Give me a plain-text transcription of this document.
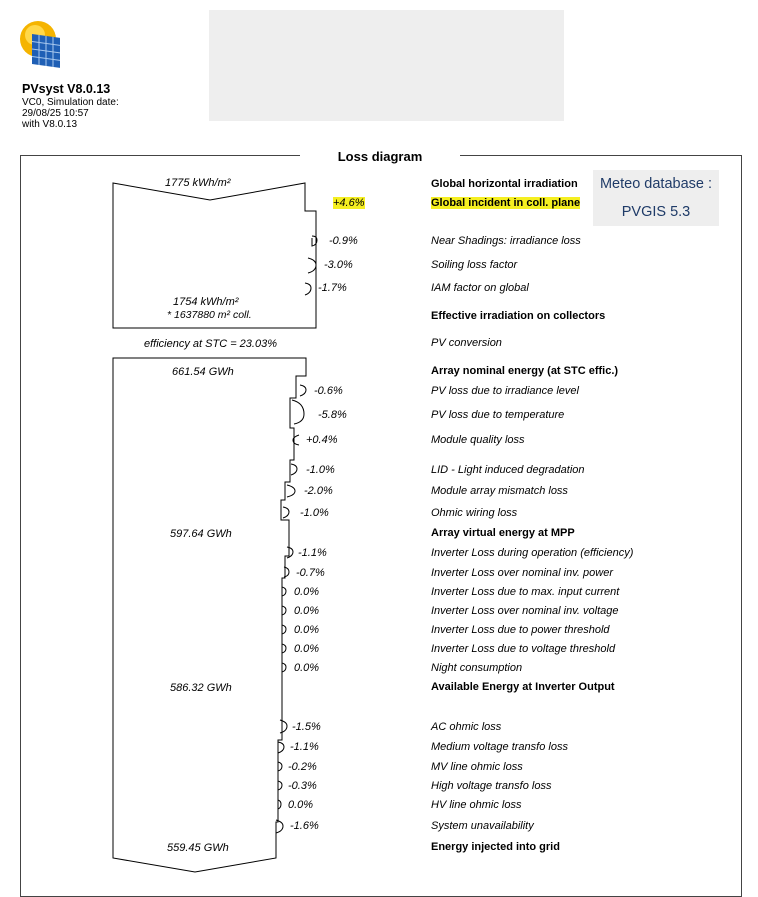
PVsyst V8.0.13
VC0, Simulation date:
29/08/25 10:57
with V8.0.13
Loss diagram
Meteo database :
PVGIS 5.3
1775 kWh/m²
1754 kWh/m²
* 1637880 m² coll.
efficiency at STC = 23.03%
661.54 GWh
597.64 GWh
586.32 GWh
559.45 GWh
Global horizontal irradiation
Global incident in coll. plane
+4.6%
Near Shadings: irradiance loss
-0.9%
Soiling loss factor
-3.0%
IAM factor on global
-1.7%
Effective irradiation on collectors
PV conversion
Array nominal energy (at STC effic.)
PV loss due to irradiance level
-0.6%
PV loss due to temperature
-5.8%
Module quality loss
+0.4%
LID - Light induced degradation
-1.0%
Module array mismatch loss
-2.0%
Ohmic wiring loss
-1.0%
Array virtual energy at MPP
Inverter Loss during operation (efficiency)
-1.1%
Inverter Loss over nominal inv. power
-0.7%
Inverter Loss due to max. input current
0.0%
Inverter Loss over nominal inv. voltage
0.0%
Inverter Loss due to power threshold
0.0%
Inverter Loss due to voltage threshold
0.0%
Night consumption
0.0%
Available Energy at Inverter Output
AC ohmic loss
-1.5%
Medium voltage transfo loss
-1.1%
MV line ohmic loss
-0.2%
High voltage transfo loss
-0.3%
HV line ohmic loss
0.0%
System unavailability
-1.6%
Energy injected into grid
